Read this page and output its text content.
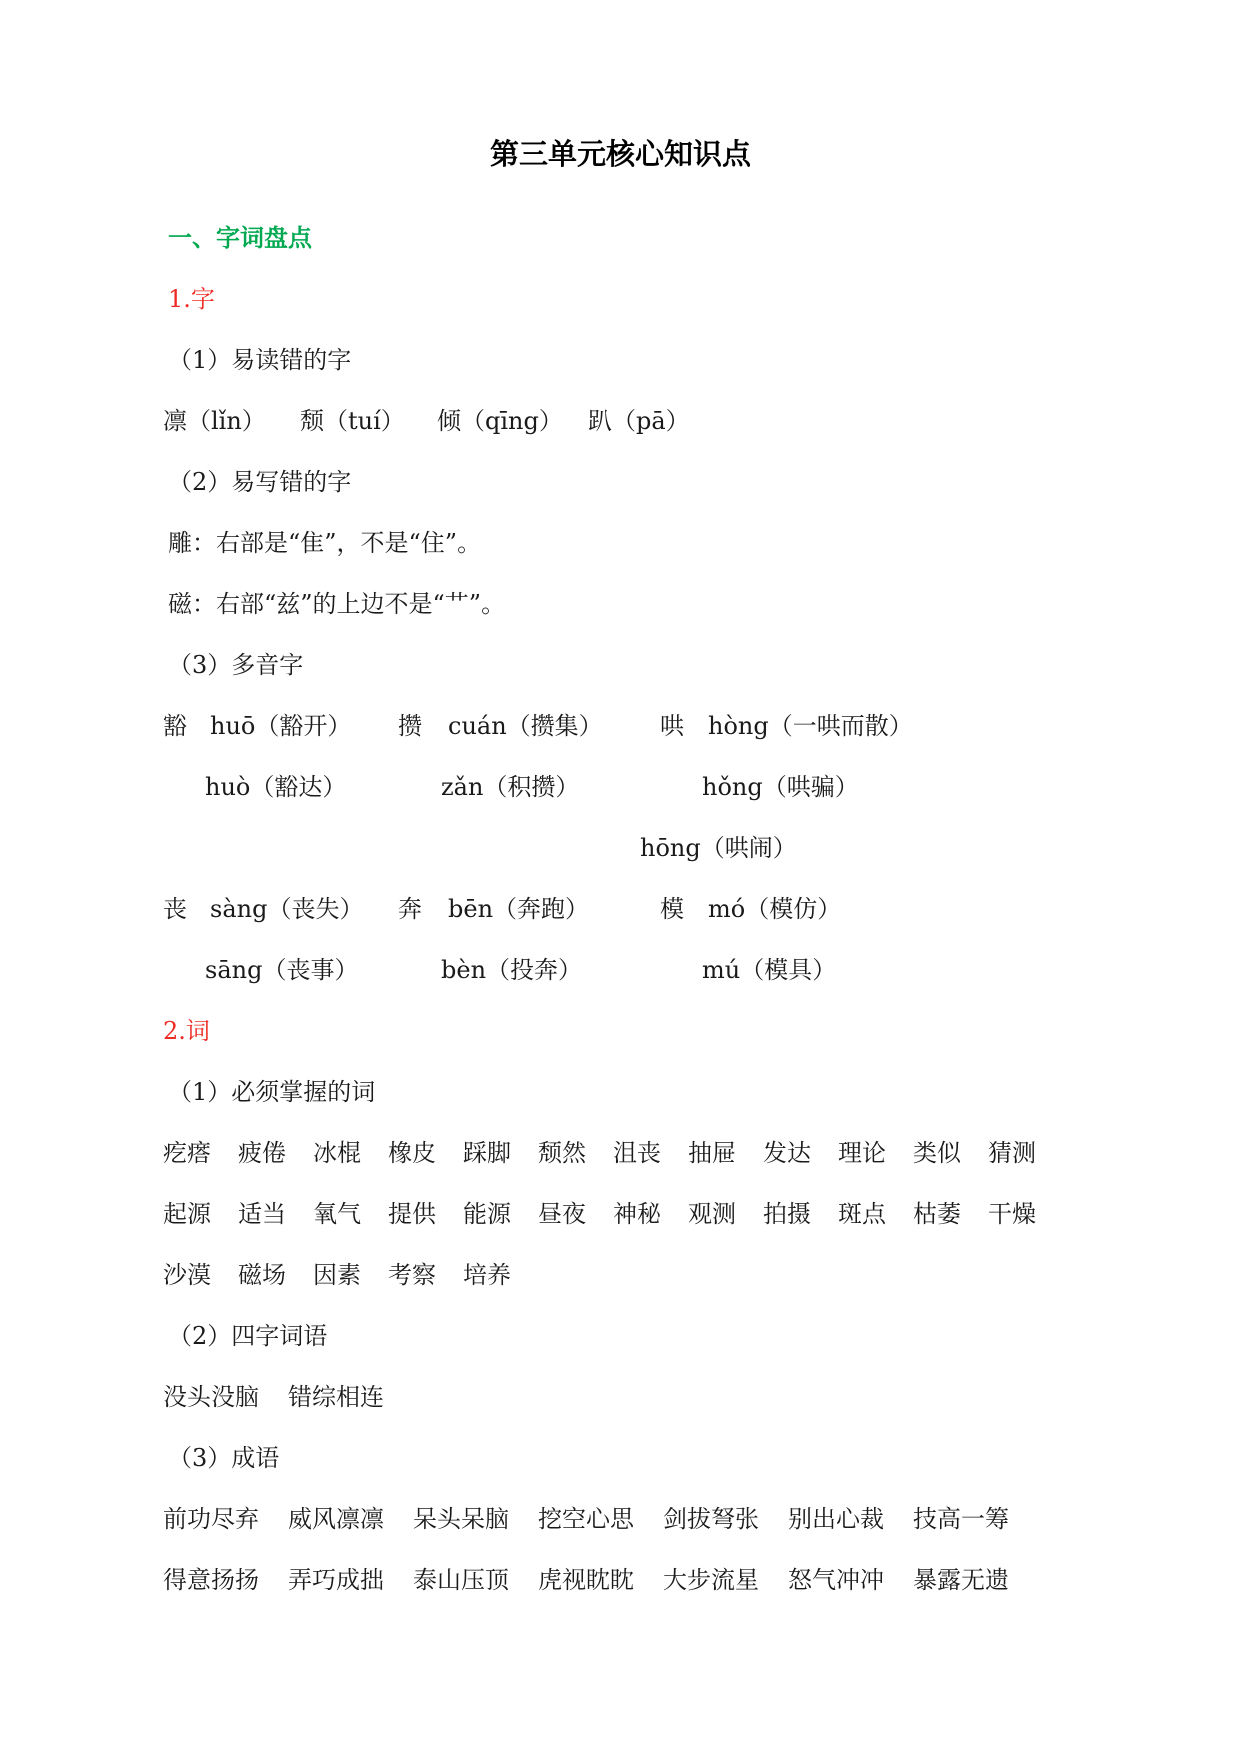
第三单元核心知识点
一、字词盘点
1.字
（1）易读错的字
凛（lǐn） 颓（tuí） 倾（qīng） 趴（pā）
（2）易写错的字
雕：右部是“隹”，不是“住”。
磁：右部“兹”的上边不是“艹”。
（3）多音字
豁 huō（豁开）
huò（豁达）
攒 cuán（攒集）
zǎn（积攒）
哄 hòng（一哄而散）
hǒng（哄骗）
hōng（哄闹）
丧 sàng（丧失）
sāng（丧事）
奔 bēn（奔跑）
bèn（投奔）
模 mó（模仿）
mú（模具）
2.词
（1）必须掌握的词
疙瘩 疲倦 冰棍 橡皮 踩脚 颓然 沮丧 抽屉 发达 理论 类似 猜测
起源 适当 氧气 提供 能源 昼夜 神秘 观测 拍摄 斑点 枯萎 干燥
沙漠 磁场 因素 考察 培养
（2）四字词语
没头没脑 错综相连
（3）成语
前功尽弃 威风凛凛 呆头呆脑 挖空心思 剑拔弩张 别出心裁 技高一筹
得意扬扬 弄巧成拙 泰山压顶 虎视眈眈 大步流星 怒气冲冲 暴露无遗
